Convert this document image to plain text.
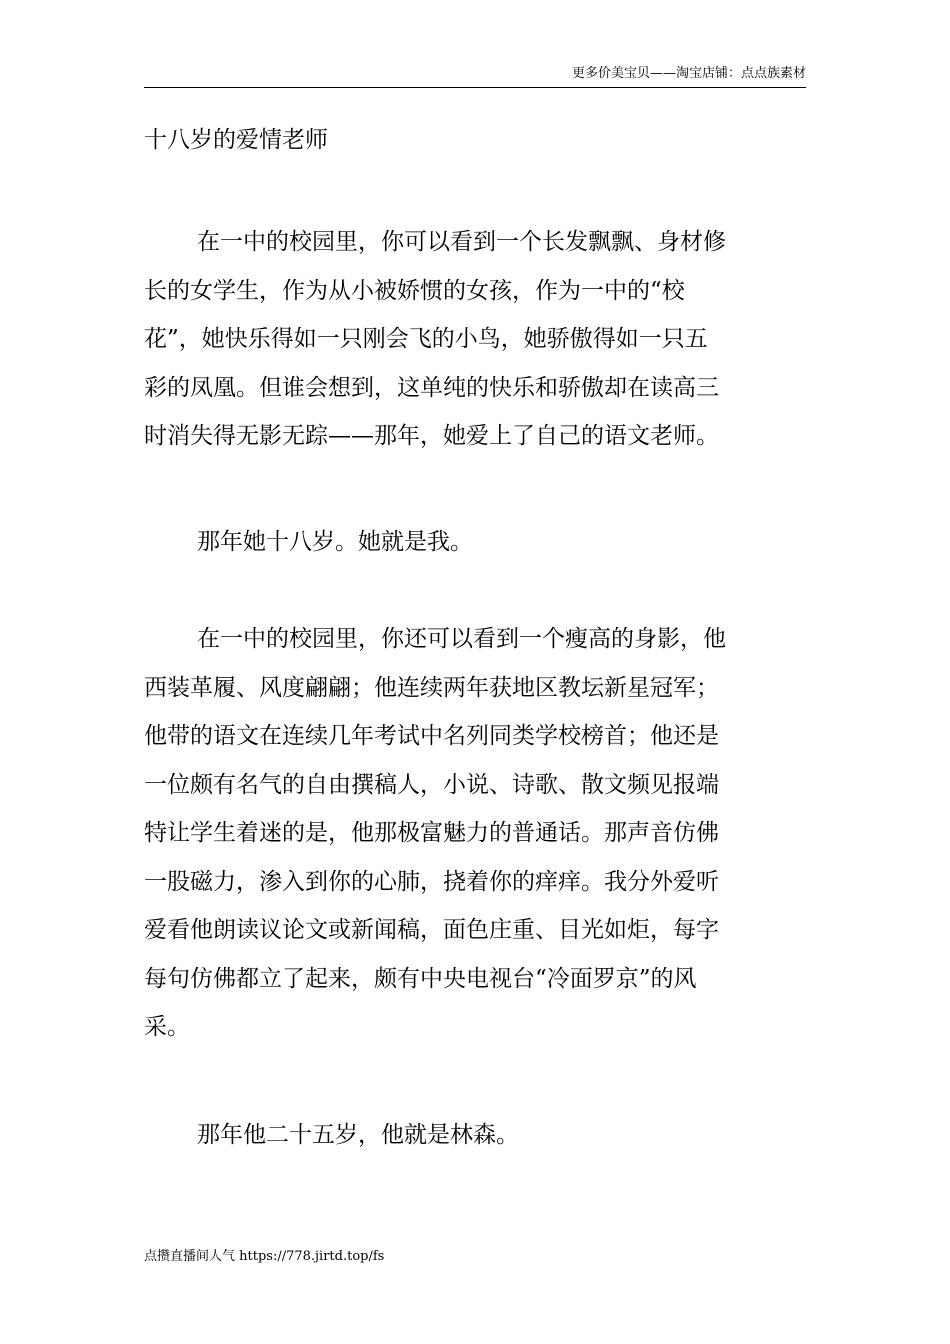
更多价美宝贝——淘宝店铺：点点族素材
十八岁的爱情老师

在一中的校园里，你可以看到一个长发飘飘、身材修
长的女学生，作为从小被娇惯的女孩，作为一中的“校
花”，她快乐得如一只刚会飞的小鸟，她骄傲得如一只五
彩的凤凰。但谁会想到，这单纯的快乐和骄傲却在读高三
时消失得无影无踪——那年，她爱上了自己的语文老师。

那年她十八岁。她就是我。

在一中的校园里，你还可以看到一个瘦高的身影，他
西装革履、风度翩翩；他连续两年获地区教坛新星冠军；
他带的语文在连续几年考试中名列同类学校榜首；他还是
一位颇有名气的自由撰稿人，小说、诗歌、散文频见报端
特让学生着迷的是，他那极富魅力的普通话。那声音仿佛
一股磁力，渗入到你的心肺，挠着你的痒痒。我分外爱听
爱看他朗读议论文或新闻稿，面色庄重、目光如炬，每字
每句仿佛都立了起来，颇有中央电视台“冷面罗京”的风
采。

那年他二十五岁，他就是林森。

点攒直播间人气 https://778.jirtd.top/fs
